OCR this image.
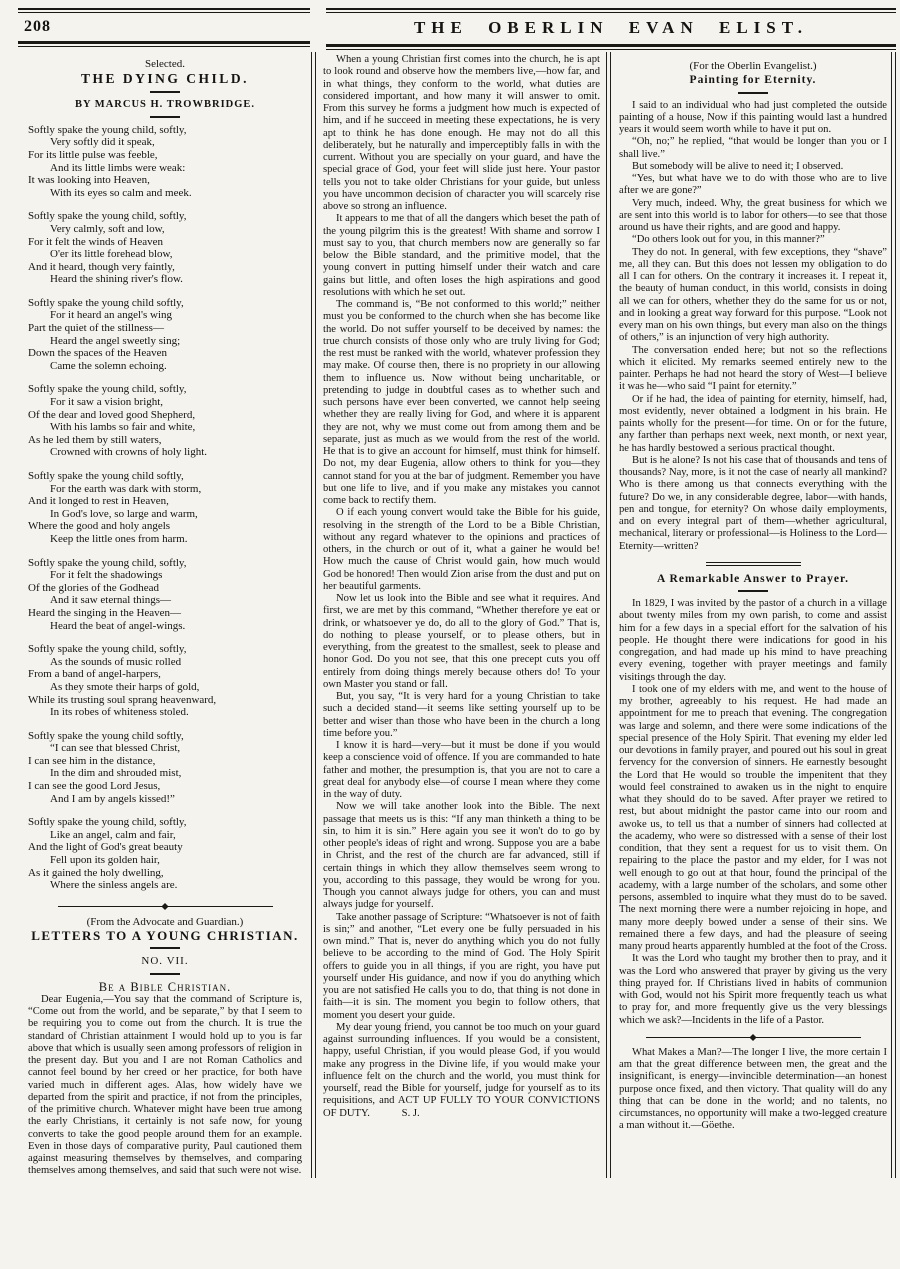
208	THE OBERLIN EVAN ELIST.
Selected.
THE DYING CHILD.
BY MARCUS H. TROWBRIDGE.
Softly spake the young child, softly,
Very softly did it speak,
For its little pulse was feeble,
And its little limbs were weak:
It was looking into Heaven,
With its eyes so calm and meek.
Softly spake the young child, softly,
Very calmly, soft and low,
For it felt the winds of Heaven
O'er its little forehead blow,
And it heard, though very faintly,
Heard the shining river's flow.
Softly spake the young child softly,
For it heard an angel's wing
Part the quiet of the stillness—
Heard the angel sweetly sing;
Down the spaces of the Heaven
Came the solemn echoing.
Softly spake the young child, softly,
For it saw a vision bright,
Of the dear and loved good Shepherd,
With his lambs so fair and white,
As he led them by still waters,
Crowned with crowns of holy light.
Softly spake the young child softly,
For the earth was dark with storm,
And it longed to rest in Heaven,
In God's love, so large and warm,
Where the good and holy angels
Keep the little ones from harm.
Softly spake the young child, softly,
For it felt the shadowings
Of the glories of the Godhead
And it saw eternal things—
Heard the singing in the Heaven—
Heard the beat of angel-wings.
Softly spake the young child, softly,
As the sounds of music rolled
From a band of angel-harpers,
As they smote their harps of gold,
While its trusting soul sprang heavenward,
In its robes of whiteness stoled.
Softly spake the young child softly,
“I can see that blessed Christ,
I can see him in the distance,
In the dim and shrouded mist,
I can see the good Lord Jesus,
And I am by angels kissed!”
Softly spake the young child, softly,
Like an angel, calm and fair,
And the light of God's great beauty
Fell upon its golden hair,
As it gained the holy dwelling,
Where the sinless angels are.
(From the Advocate and Guardian.)
LETTERS TO A YOUNG CHRISTIAN.
NO. VII.
Be a Bible Christian.

Dear Eugenia,—You say that the command of Scripture is, “Come out from the world, and be separate,” by that I seem to be requiring you to come out from the church. It is true the standard of Christian attainment I would hold up to you is far above that which is usually seen among professors of religion in the present day. But you and I are not Roman Catholics and cannot feel bound by her creed or her practice, for both have varied much in different ages. Alas, how widely have we departed from the spirit and practice, if not from the principles, of the primitive church. Whatever might have been true among the early Christians, it certainly is not safe now, for young converts to take the good people around them for an example. Even in those days of comparative purity, Paul cautioned them against measuring themselves by themselves, and comparing themselves among themselves, and said that such were not wise.

When a young Christian first comes into the church, he is apt to look round and observe how the members live,—how far, and in what things, they conform to the world, what duties are considered important, and how many it will answer to omit. From this survey he forms a judgment how much is expected of him, and if he succeed in meeting these expectations, he is very apt to think he has done enough. He may not do all this deliberately, but he naturally and imperceptibly falls in with the current. Without you are specially on your guard, and have the special grace of God, your feet will slide just here. Your pastor tells you not to take older Christians for your guide, but unless you have uncommon decision of character you will scarcely rise above so strong an influence.

It appears to me that of all the dangers which beset the path of the young pilgrim this is the greatest! With shame and sorrow I must say to you, that church members now are generally so far below the Bible standard, and the primitive model, that the young convert in putting himself under their watch and care gains but little, and often loses the high aspirations and good resolutions with which he set out.

The command is, “Be not conformed to this world;” neither must you be conformed to the church when she has become like the world. Do not suffer yourself to be deceived by names: the true church consists of those only who are truly living for God; the rest must be ranked with the world, whatever profession they may make. Of course then, there is no propriety in our allowing them to influence us. Now without being uncharitable, or pretending to judge in doubtful cases as to whether such and such persons have ever been converted, we cannot help seeing whether they are really living for God, and where it is apparent they are not, why we must come out from among them and be separate, just as much as we would from the rest of the world. He that is to give an account for himself, must think for himself. Do not, my dear Eugenia, allow others to think for you—they cannot stand for you at the bar of judgment. Remember you have but one life to live, and if you make any mistakes you cannot come back to rectify them.

O if each young convert would take the Bible for his guide, resolving in the strength of the Lord to be a Bible Christian, without any regard whatever to the opinions and practices of others, in the church or out of it, what a gainer he would be! How much the cause of Christ would gain, how much would God be honored! Then would Zion arise from the dust and put on her beautiful garments.

Now let us look into the Bible and see what it requires. And first, we are met by this command, “Whether therefore ye eat or drink, or whatsoever ye do, do all to the glory of God.” That is, do nothing to please yourself, or to please others, but in everything, from the greatest to the smallest, seek to please and honor God. Do you not see, that this one precept cuts you off entirely from doing things merely because others do! To your own Master you stand or fall.

But, you say, “It is very hard for a young Christian to take such a decided stand—it seems like setting yourself up to be better and wiser than those who have been in the church a long time before you.”

I know it is hard—very—but it must be done if you would keep a conscience void of offence. If you are commanded to hate father and mother, the presumption is, that you are not to care a great deal for anybody else—of course I mean where they come in the way of duty.

Now we will take another look into the Bible. The next passage that meets us is this: “If any man thinketh a thing to be sin, to him it is sin.” Here again you see it won't do to go by other people's ideas of right and wrong. Suppose you are a babe in Christ, and the rest of the church are far advanced, still if certain things in which they allow themselves seem wrong to you, according to this passage, they would be wrong for you. Though you cannot always judge for others, you can and must always judge for yourself.

Take another passage of Scripture: “Whatsoever is not of faith is sin;” and another, “Let every one be fully persuaded in his own mind.” That is, never do anything which you do not fully believe to be according to the mind of God. The Holy Spirit offers to guide you in all things, if you are right, you have put yourself under His guidance, and now if you do anything which you are not satisfied He calls you to do, that thing is not done in faith—it is sin. The moment you begin to follow others, that moment you desert your guide.

My dear young friend, you cannot be too much on your guard against surrounding influences. If you would be a consistent, happy, useful Christian, if you would please God, if you would make any progress in the Divine life, if you would make your influence felt on the church and the world, you must think for yourself, read the Bible for yourself, judge for yourself as to its requisitions, and ACT UP FULLY TO YOUR CONVICTIONS OF DUTY.   S. J.

(For the Oberlin Evangelist.)
Painting for Eternity.

I said to an individual who had just completed the outside painting of a house, Now if this painting would last a hundred years it would seem worth while to have it put on.

“Oh, no;” he replied, “that would be longer than you or I shall live.”

But somebody will be alive to need it; I observed.

“Yes, but what have we to do with those who are to live after we are gone?”

Very much, indeed. Why, the great business for which we are sent into this world is to labor for others—to see that those around us have their rights, and are good and happy.

“Do others look out for you, in this manner?”

They do not. In general, with few exceptions, they “shave” me, all they can. But this does not lessen my obligation to do all I can for others. On the contrary it increases it. I repeat it, the beauty of human conduct, in this world, consists in doing all we can for others, whether they do the same for us or not, and in looking a great way forward for this purpose. “Look not every man on his own things, but every man also on the things of others,” is an injunction of very high authority.

The conversation ended here; but not so the reflections which it elicited. My remarks seemed entirely new to the painter. Perhaps he had not heard the story of West—I believe it was he—who said “I paint for eternity.”

Or if he had, the idea of painting for eternity, himself, had, most evidently, never obtained a lodgment in his brain. He paints wholly for the present—for time. On or for the future, any farther than perhaps next week, next month, or next year, he has hardly bestowed a serious practical thought.

But is he alone? Is not his case that of thousands and tens of thousands? Nay, more, is it not the case of nearly all mankind? Who is there among us that connects everything with the future? Do we, in any considerable degree, labor—with hands, pen and tongue, for eternity? On whose daily employments, and on every integral part of them—whether agricultural, mechanical, literary or professional—is Holiness to the Lord—Eternity—written?

A Remarkable Answer to Prayer.

In 1829, I was invited by the pastor of a church in a village about twenty miles from my own parish, to come and assist him for a few days in a special effort for the salvation of his people. He thought there were indications for good in his congregation, and had made up his mind to have preaching every evening, together with prayer meetings and family visitings through the day.

I took one of my elders with me, and went to the house of my brother, agreeably to his request. He had made an appointment for me to preach that evening. The congregation was large and solemn, and there were some indications of the special presence of the Holy Spirit. That evening my elder led our devotions in family prayer, and poured out his soul in great fervency for the conversion of sinners. He earnestly besought the Lord that He would so trouble the impenitent that they would feel constrained to awaken us in the night to enquire what they should do to be saved. After prayer we retired to rest, but about midnight the pastor came into our room and awoke us, to tell us that a number of sinners had collected at the academy, who were so distressed with a sense of their lost condition, that they sent a request for us to visit them. On repairing to the place the pastor and my elder, for I was not well enough to go out at that hour, found the principal of the academy, with a large number of the scholars, and some other persons, assembled to inquire what they must do to be saved. The next morning there were a number rejoicing in hope, and many more deeply bowed under a sense of their sins. We remained there a few days, and had the pleasure of seeing many proud hearts apparently humbled at the foot of the Cross.

It was the Lord who taught my brother then to pray, and it was the Lord who answered that prayer by giving us the very thing prayed for. If Christians lived in habits of communion with God, would not his Spirit more frequently teach us what to pray for, and more frequently give us the very blessings which we ask?—Incidents in the life of a Pastor.

What Makes a Man?—The longer I live, the more certain I am that the great difference between men, the great and the insignificant, is energy—invincible determination—an honest purpose once fixed, and then victory. That quality will do any thing that can be done in the world; and no talents, no circumstances, no opportunity will make a two-legged creature a man without it.—Göethe.
